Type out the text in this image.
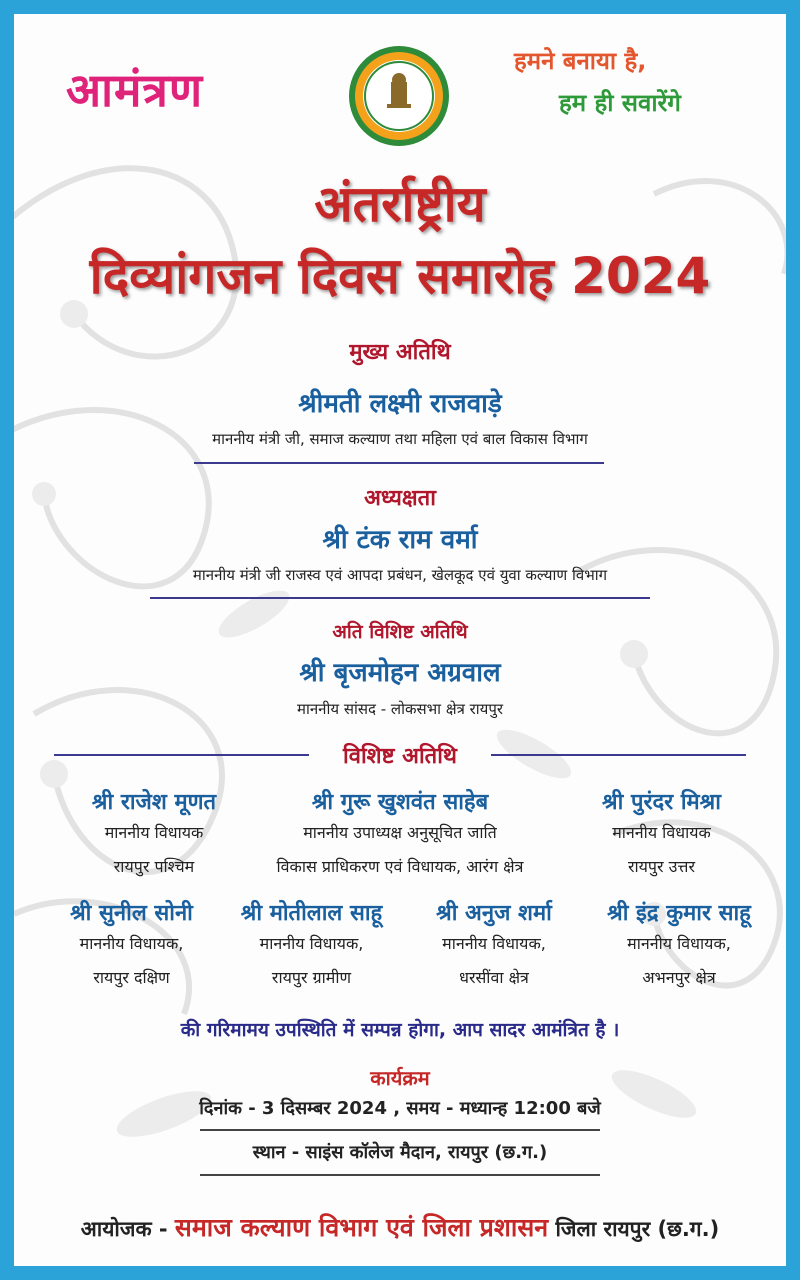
आमंत्रण
हमने बनाया है,
हम ही सवारेंगे
अंतर्राष्ट्रीय
दिव्यांगजन दिवस समारोह 2024
मुख्य अतिथि
श्रीमती लक्ष्मी राजवाड़े
माननीय मंत्री जी, समाज कल्याण तथा महिला एवं बाल विकास विभाग
अध्यक्षता
श्री टंक राम वर्मा
माननीय मंत्री जी राजस्व एवं आपदा प्रबंधन, खेलकूद एवं युवा कल्याण विभाग
अति विशिष्ट अतिथि
श्री बृजमोहन अग्रवाल
माननीय सांसद - लोकसभा क्षेत्र रायपुर
विशिष्ट अतिथि
श्री राजेश मूणत
माननीय विधायक
रायपुर पश्चिम
श्री गुरू खुशवंत साहेब
माननीय उपाध्यक्ष अनुसूचित जाति
विकास प्राधिकरण एवं विधायक, आरंग क्षेत्र
श्री पुरंदर मिश्रा
माननीय विधायक
रायपुर उत्तर
श्री सुनील सोनी
माननीय विधायक,
रायपुर दक्षिण
श्री मोतीलाल साहू
माननीय विधायक,
रायपुर ग्रामीण
श्री अनुज शर्मा
माननीय विधायक,
धरसींवा क्षेत्र
श्री इंद्र कुमार साहू
माननीय विधायक,
अभनपुर क्षेत्र
की गरिमामय उपस्थिति में सम्पन्न होगा, आप सादर आमंत्रित है ।
कार्यक्रम
दिनांक - 3 दिसम्बर 2024 , समय - मध्यान्ह 12:00 बजे
स्थान - साइंस कॉलेज मैदान, रायपुर (छ.ग.)
आयोजक - समाज कल्याण विभाग एवं जिला प्रशासन जिला रायपुर (छ.ग.)
